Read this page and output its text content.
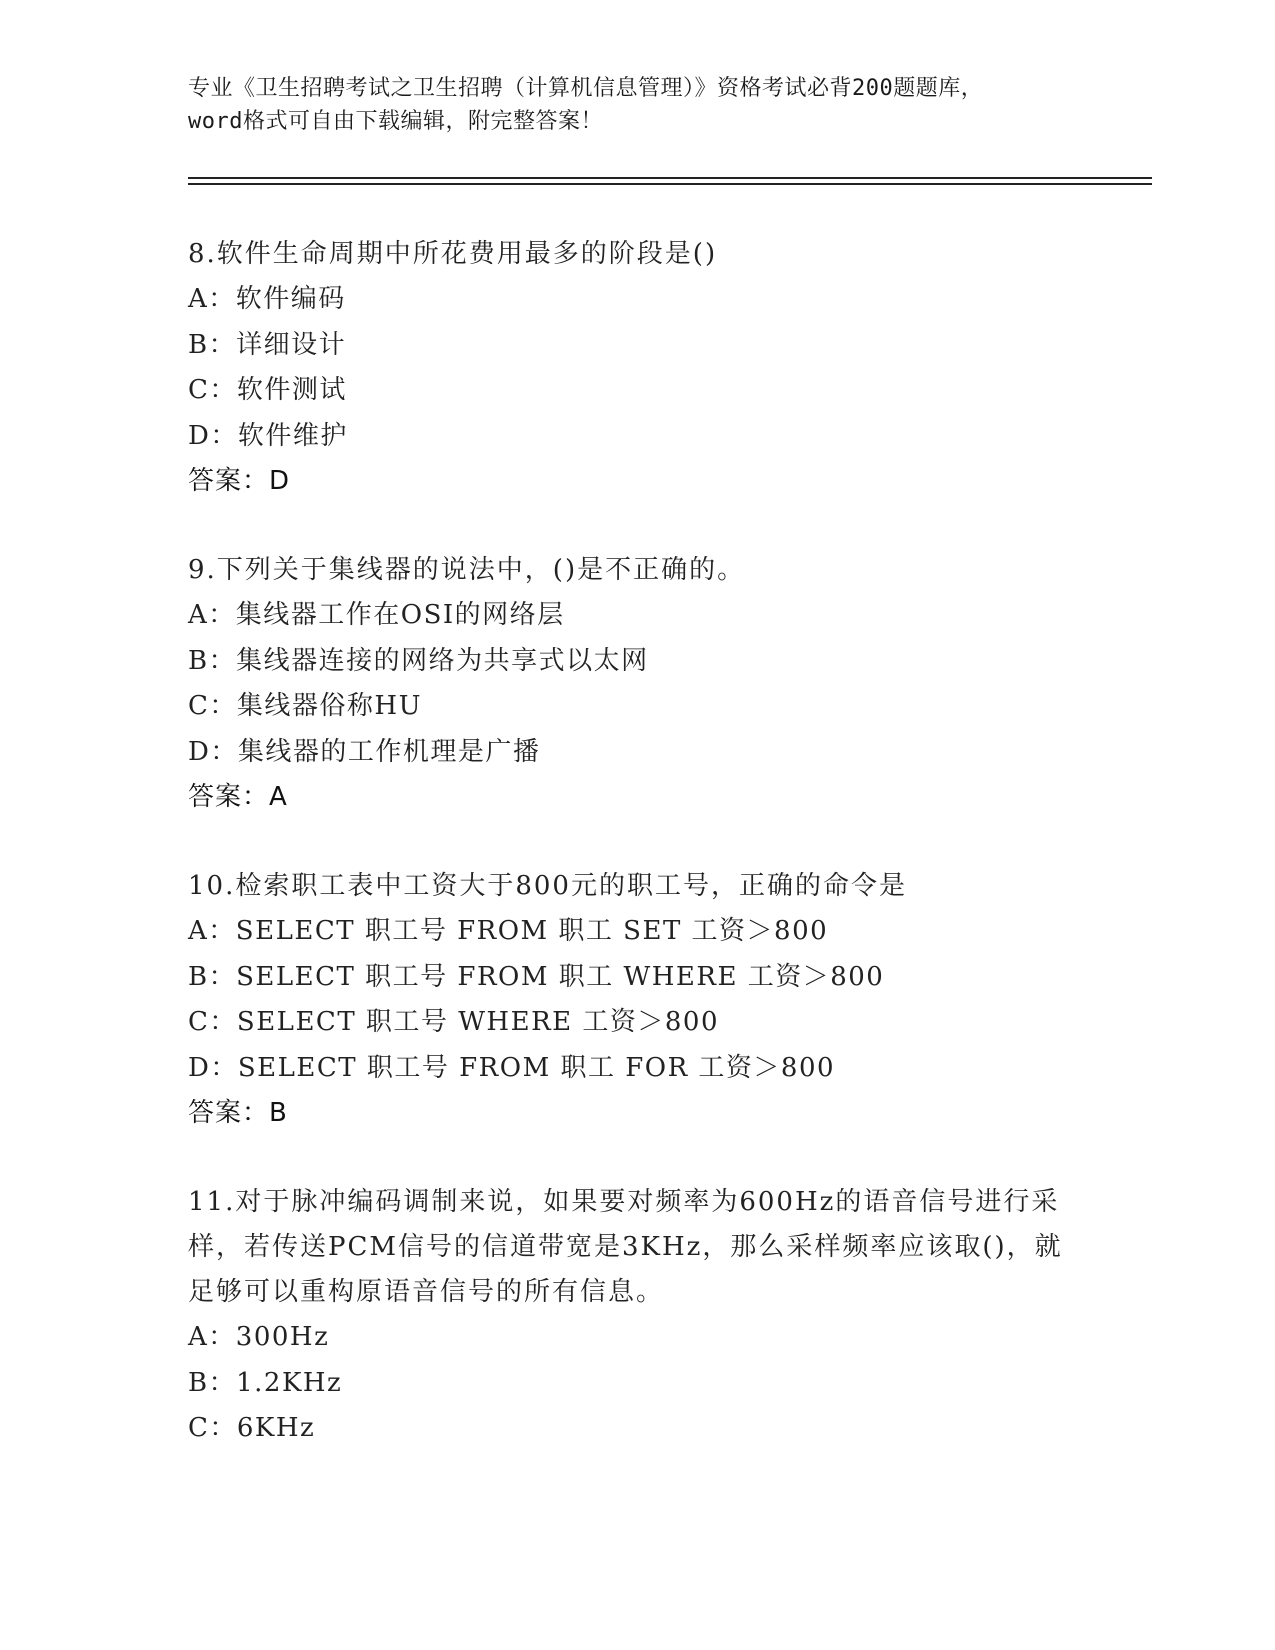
专业《卫生招聘考试之卫生招聘（计算机信息管理）》资格考试必背200题题库，
word格式可自由下载编辑，附完整答案！
8.软件生命周期中所花费用最多的阶段是()
A：软件编码
B：详细设计
C：软件测试
D：软件维护
答案：D
9.下列关于集线器的说法中，()是不正确的。
A：集线器工作在OSI的网络层
B：集线器连接的网络为共享式以太网
C：集线器俗称HU
D：集线器的工作机理是广播
答案：A
10.检索职工表中工资大于800元的职工号，正确的命令是
A：SELECT 职工号 FROM 职工 SET 工资＞800
B：SELECT 职工号 FROM 职工 WHERE 工资＞800
C：SELECT 职工号 WHERE 工资＞800
D：SELECT 职工号 FROM 职工 FOR 工资＞800
答案：B
11.对于脉冲编码调制来说，如果要对频率为600Hz的语音信号进行采
样，若传送PCM信号的信道带宽是3KHz，那么采样频率应该取()，就
足够可以重构原语音信号的所有信息。
A：300Hz
B：1.2KHz
C：6KHz
